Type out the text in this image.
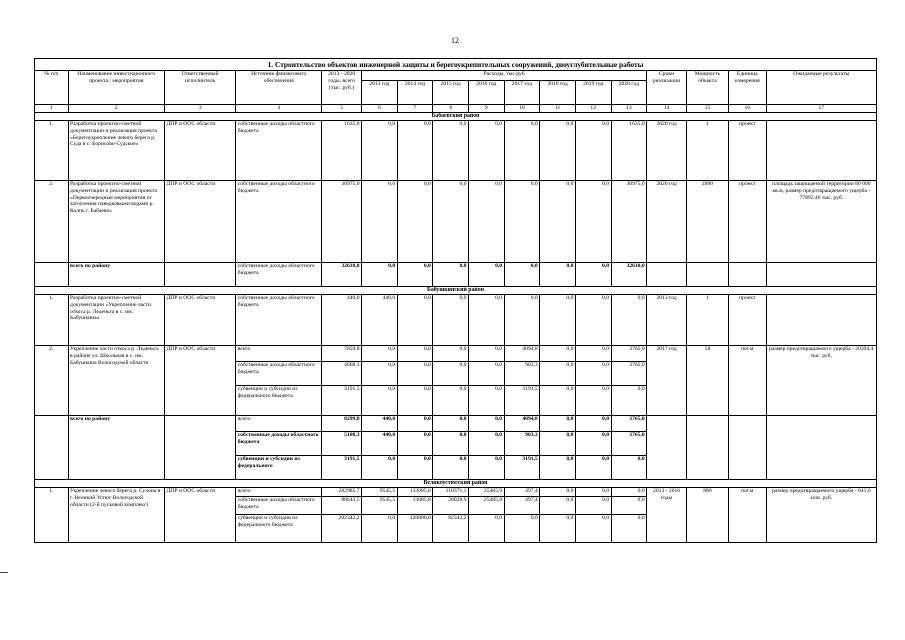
12
1. Строительство объектов инженерной защиты и берегоукрепительных сооружений, дноуглубительные работы																
№ п/п	Наименование инвестиционного проекта / мероприятия	Ответственный исполнитель	Источник финансового обеспечения	2013 - 2020 годы, всего (тыс. руб.)	Расходы, тыс.руб								Сроки реализации	Мощность объекта	Единица измерения	Ожидаемые результаты
					2013 год	2014 год	2015 год	2016 год	2017 год	2018 год	2019 год	2020 год				
1	2	3	4	5	6	7	8	9	10	11	12	13	14	15	16	17
Бабаевский район																
1.	Разработка проектно-сметной документации и реализация проекта «Берегоукрепление левого берега р. Суда в с. Борисово-Судское»	ДПР и ООС области	собственные доходы областного бюджета	1635,0	0,0	0,0	0,0	0,0	0,0	0,0	0,0	1635,0	2020 год	1	проект	
2.	Разработка проектно-сметной документации и реализация проекта «Первоочередные мероприятия от затопления паводковыми водами р. Колпь г. Бабаево»	ДПР и ООС области	собственные доходы областного бюджета	30975,0	0,0	0,0	0,0	0,0	0,0	0,0	0,0	30975,0	2020 год	2000	проект	площадь защищаемой территории 80 000 кв.м, размер предотвращаемого ущерба - 77892,46 тыс. руб.
	всего по району		собственные доходы областного бюджета	32610,0	0,0	0,0	0,0	0,0	0,0	0,0	0,0	32610,0				
Бабушкинский район																
1.	Разработка проектно-сметной документации «Укрепление части откоса р. Леденьга в с. им. Бабушкина»	ДПР и ООС области	собственные доходы областного бюджета	440,0	440,0	0,0	0,0	0,0	0,0	0,0	0,0	0,0	2013 год	1	проект	
2.	Укрепление части откоса р. Леденьга в районе ул. Школьная в с. им. Бабушкина Вологодской области	ДПР и ООС области	всего	7859,8	0,0	0,0	0,0	0,0	4094,8	0,0	0,0	3765,0	2017 год	58	пог.м	размер предотвращаемого ущерба - 20394,4 тыс. руб.
			собственные доходы областного бюджета	4668,3	0,0	0,0	0,0	0,0	903,3	0,0	0,0	3765,0				
			субвенции и субсидии из федерального бюджета	3191,5	0,0	0,0	0,0	0,0	3191,5	0,0	0,0	0,0				
	всего по району		всего:	8299,8	440,0	0,0	0,0	0,0	4094,8	0,0	0,0	3765,0				
			собственные доходы областного бюджета	5108,3	440,0	0,0	0,0	0,0	903,3	0,0	0,0	3765,0				
			субвенции и субсидии из федерального	3191,5	0,0	0,0	0,0	0,0	3191,5	0,0	0,0	0,0				
Великоустюгский район																
1.	Укрепление левого берега р. Сухона в г. Великий Устюг Вологодской области (2-й пусковой комплекс)	ДПР и ООС области	всего:	282985,7	9545,5	133085,8	110371,1	25485,9	497,4	0,0	0,0	0,0	2013 - 2016 годы	880	пог.м	размер предотвращаемого ущерба - 641,6 млн. руб.
			собственные доходы областного бюджета	80643,5	9545,5	13085,8	28028,9	25485,9	497,4	0,0	0,0	0,0				
			субвенции и субсидии из федерального бюджета	202342,2	0,0	120000,0	82342,2	0,0	0,0	0,0	0,0	0,0				
